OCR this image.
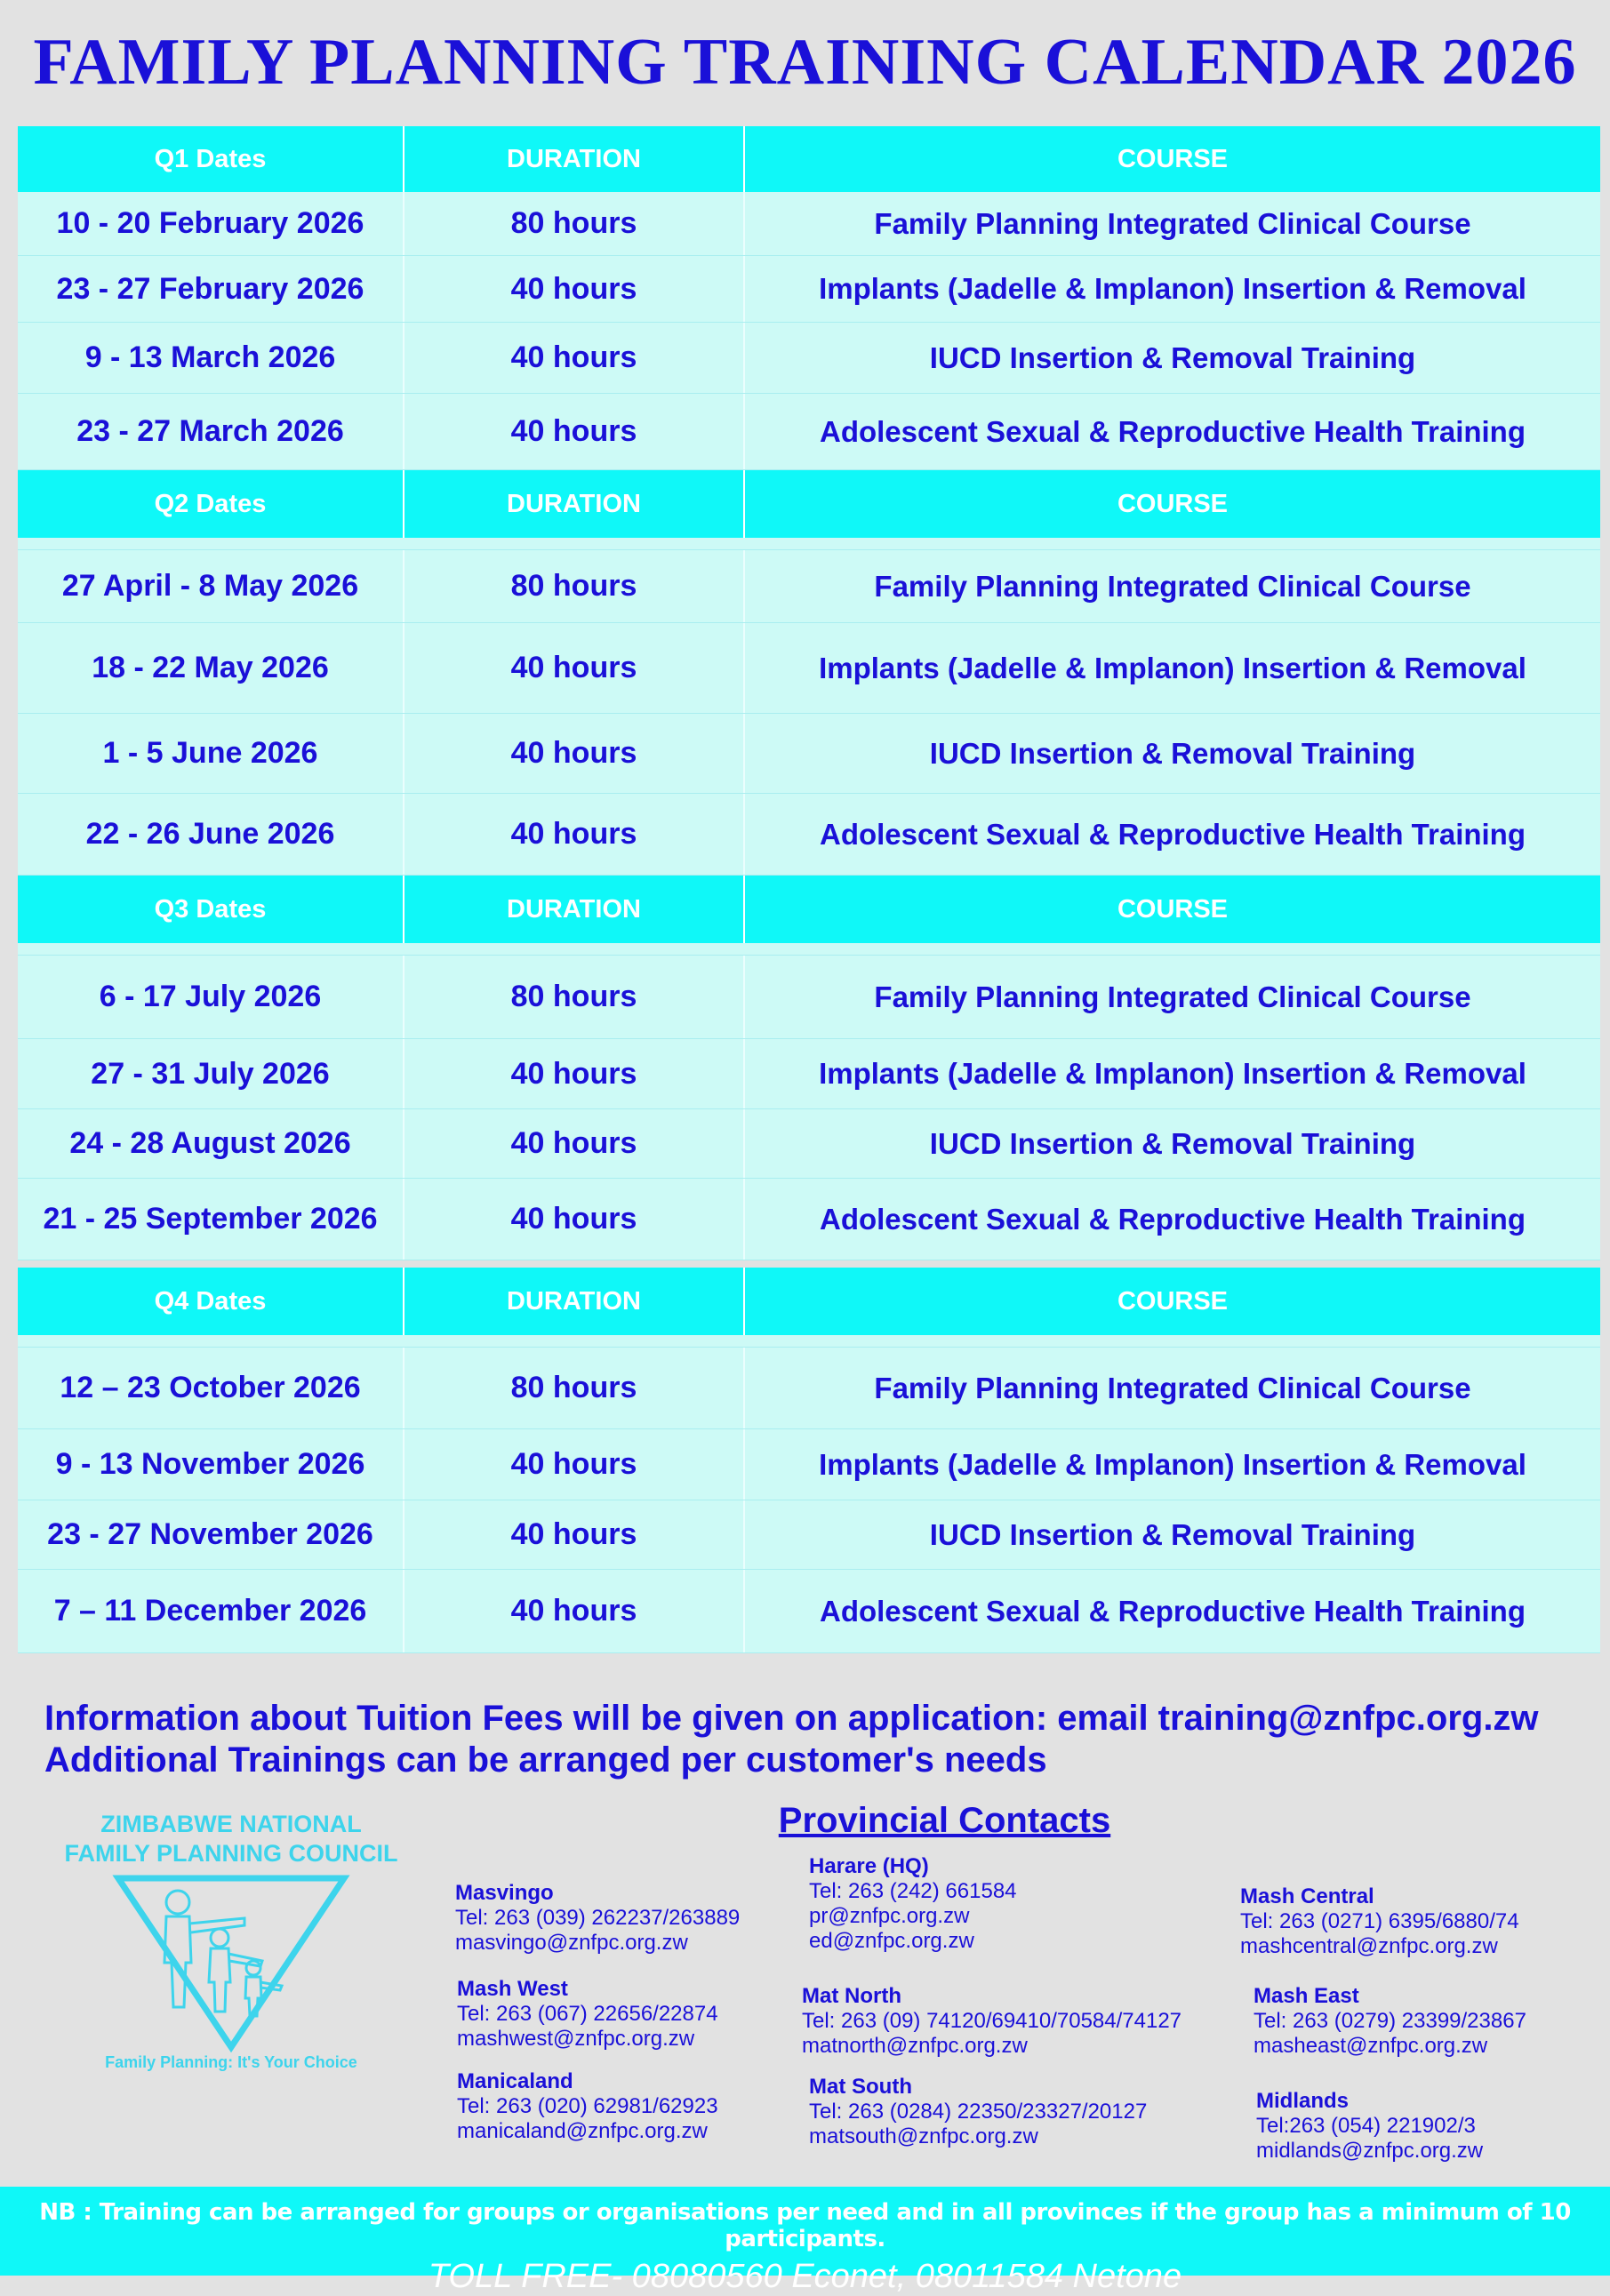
FAMILY PLANNING TRAINING CALENDAR 2026
Q1 Dates	DURATION	COURSE
10 - 20 February 2026	80 hours	Family Planning Integrated Clinical Course
23 - 27 February 2026	40 hours	Implants (Jadelle & Implanon) Insertion & Removal
9 - 13 March 2026	40 hours	IUCD Insertion & Removal Training
23 - 27 March 2026	40 hours	Adolescent Sexual & Reproductive Health Training
Q2 Dates	DURATION	COURSE
27 April - 8 May 2026	80 hours	Family Planning Integrated Clinical Course
18 - 22 May 2026	40 hours	Implants (Jadelle & Implanon) Insertion & Removal
1 - 5 June 2026	40 hours	IUCD Insertion & Removal Training
22 - 26 June 2026	40 hours	Adolescent Sexual & Reproductive Health Training
Q3 Dates	DURATION	COURSE
6 - 17 July 2026	80 hours	Family Planning Integrated Clinical Course
27 - 31 July 2026	40 hours	Implants (Jadelle & Implanon) Insertion & Removal
24 - 28 August 2026	40 hours	IUCD Insertion & Removal Training
21 - 25 September 2026	40 hours	Adolescent Sexual & Reproductive Health Training
Q4 Dates	DURATION	COURSE
12 – 23 October 2026	80 hours	Family Planning Integrated Clinical Course
9 - 13 November 2026	40 hours	Implants (Jadelle & Implanon) Insertion & Removal
23 - 27 November 2026	40 hours	IUCD Insertion & Removal Training
7 – 11 December 2026	40 hours	Adolescent Sexual & Reproductive Health Training
Information about Tuition Fees will be given on application: email training@znfpc.org.zw
Additional Trainings can be arranged per customer's needs
ZIMBABWE NATIONAL
FAMILY PLANNING COUNCIL
Family Planning: It's Your Choice
Provincial Contacts
Masvingo
Tel: 263 (039) 262237/263889
masvingo@znfpc.org.zw
Harare (HQ)
Tel: 263 (242) 661584
pr@znfpc.org.zw
ed@znfpc.org.zw
Mash Central
Tel: 263 (0271) 6395/6880/74
mashcentral@znfpc.org.zw
Mash West
Tel: 263 (067) 22656/22874
mashwest@znfpc.org.zw
Mat North
Tel: 263 (09) 74120/69410/70584/74127
matnorth@znfpc.org.zw
Mash East
Tel: 263 (0279) 23399/23867
masheast@znfpc.org.zw
Manicaland
Tel: 263 (020) 62981/62923
manicaland@znfpc.org.zw
Mat South
Tel: 263 (0284) 22350/23327/20127
matsouth@znfpc.org.zw
Midlands
Tel:263 (054) 221902/3
midlands@znfpc.org.zw
NB : Training can be arranged for groups or organisations per need and in all provinces if the group has a minimum of 10 participants.
TOLL FREE- 08080560 Econet, 08011584 Netone
